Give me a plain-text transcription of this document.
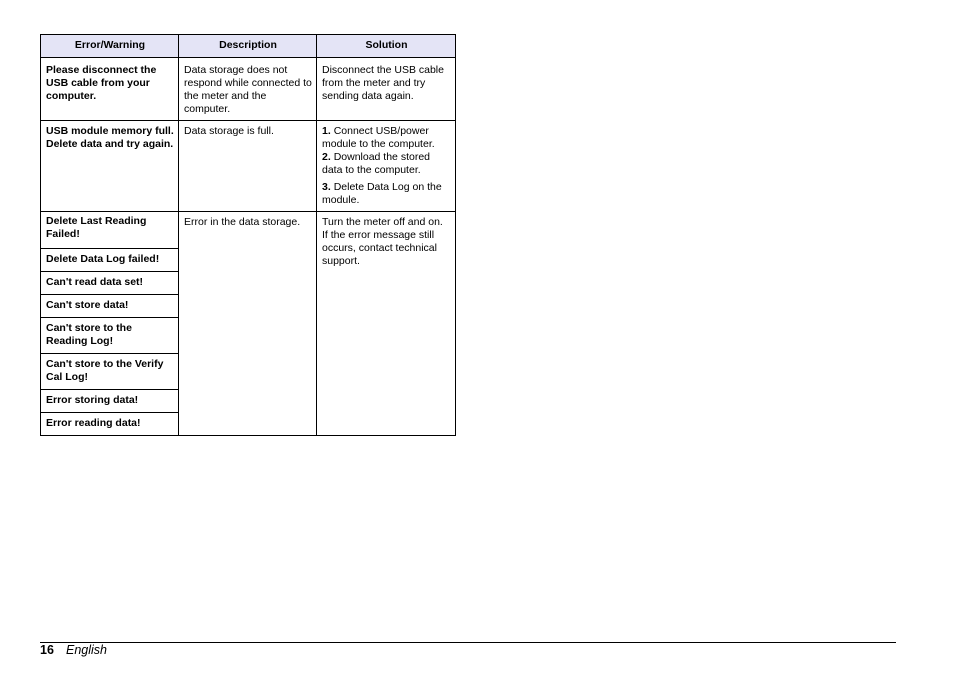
Error/Warning	Description	Solution
Please disconnect the USB cable from your computer.	Data storage does not respond while connected to the meter and the computer.	Disconnect the USB cable from the meter and try sending data again.
USB module memory full. Delete data and try again.	Data storage is full.	1. Connect USB/power module to the computer.
2. Download the stored data to the computer.
3. Delete Data Log on the module.

Delete Last Reading Failed!	Error in the data storage.	Turn the meter off and on. If the error message still occurs, contact technical support.
Delete Data Log failed!		
Can't read data set!		
Can't store data!		
Can't store to the Reading Log!		
Can't store to the Verify Cal Log!		
Error storing data!		
Error reading data!		
16 English
